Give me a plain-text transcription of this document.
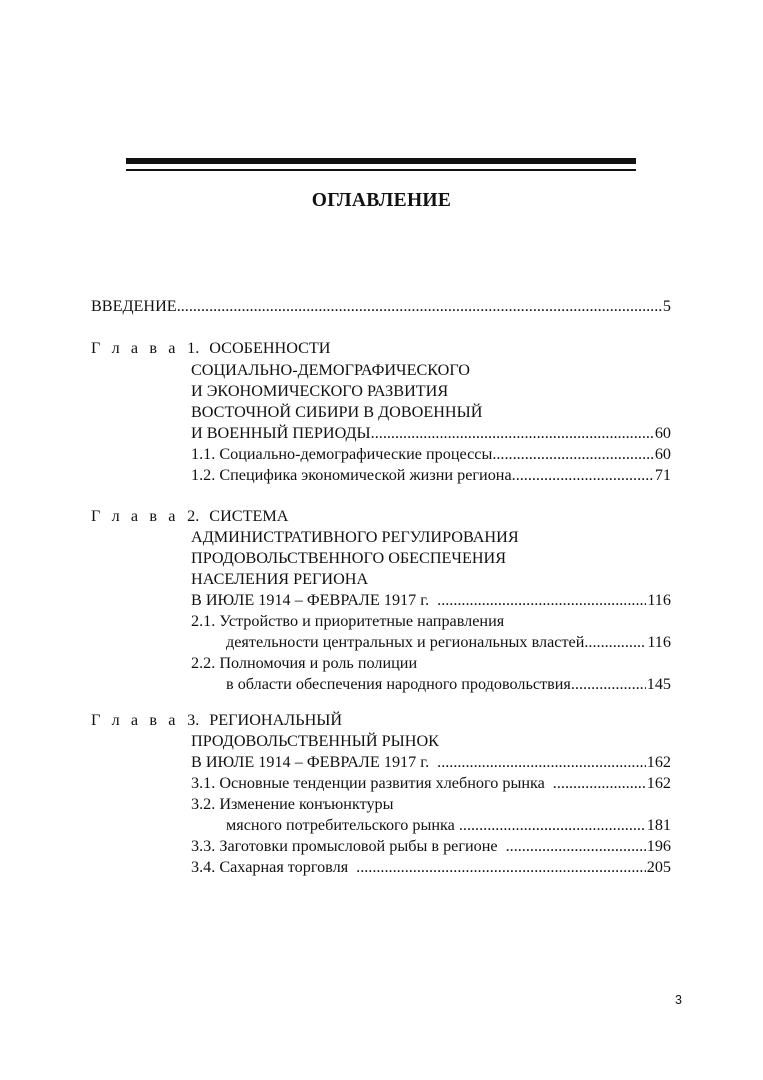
ОГЛАВЛЕНИЕ
ВВЕДЕНИЕ .....	5
Г л а в а 1. ОСОБЕННОСТИ
СОЦИАЛЬНО-ДЕМОГРАФИЧЕСКОГО
И ЭКОНОМИЧЕСКОГО РАЗВИТИЯ
ВОСТОЧНОЙ СИБИРИ В ДОВОЕННЫЙ
И ВОЕННЫЙ ПЕРИОДЫ .....	60
1.1. Социально-демографические процессы .....	60
1.2. Специфика экономической жизни региона .....	71
Г л а в а 2. СИСТЕМА
АДМИНИСТРАТИВНОГО РЕГУЛИРОВАНИЯ
ПРОДОВОЛЬСТВЕННОГО ОБЕСПЕЧЕНИЯ
НАСЕЛЕНИЯ РЕГИОНА
В ИЮЛЕ 1914 – ФЕВРАЛЕ 1917 г. .....	116
2.1. Устройство и приоритетные направления
деятельности центральных и региональных властей .....	116
2.2. Полномочия и роль полиции
в области обеспечения народного продовольствия .....	145
Г л а в а 3. РЕГИОНАЛЬНЫЙ
ПРОДОВОЛЬСТВЕННЫЙ РЫНОК
В ИЮЛЕ 1914 – ФЕВРАЛЕ 1917 г. .....	162
3.1. Основные тенденции развития хлебного рынка .....	162
3.2. Изменение конъюнктуры
мясного потребительского рынка .....	181
3.3. Заготовки промысловой рыбы в регионе .....	196
3.4. Сахарная торговля .....	205
3
